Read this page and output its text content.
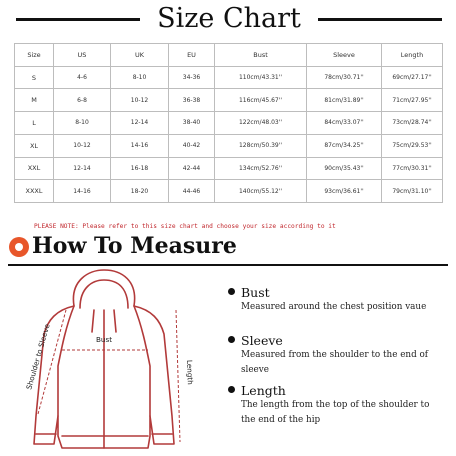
Size Chart
Size	US	UK	EU	Bust	Sleeve	Length
S	4-6	8-10	34-36	110cm/43.31''	78cm/30.71''	69cm/27.17''
M	6-8	10-12	36-38	116cm/45.67''	81cm/31.89''	71cm/27.95''
L	8-10	12-14	38-40	122cm/48.03''	84cm/33.07''	73cm/28.74''
XL	10-12	14-16	40-42	128cm/50.39''	87cm/34.25''	75cm/29.53''
XXL	12-14	16-18	42-44	134cm/52.76''	90cm/35.43''	77cm/30.31''
XXXL	14-16	18-20	44-46	140cm/55.12''	93cm/36.61''	79cm/31.10''
PLEASE NOTE: Please refer to this size chart and choose your size according to it
How To Measure
Shoulder to Sleeve	Bust
Length
Bust
Measured around the chest position vaue
Sleeve
Measured from the shoulder to the end of
sleeve
Length
The length from the top of the shoulder to
the end of the hip
